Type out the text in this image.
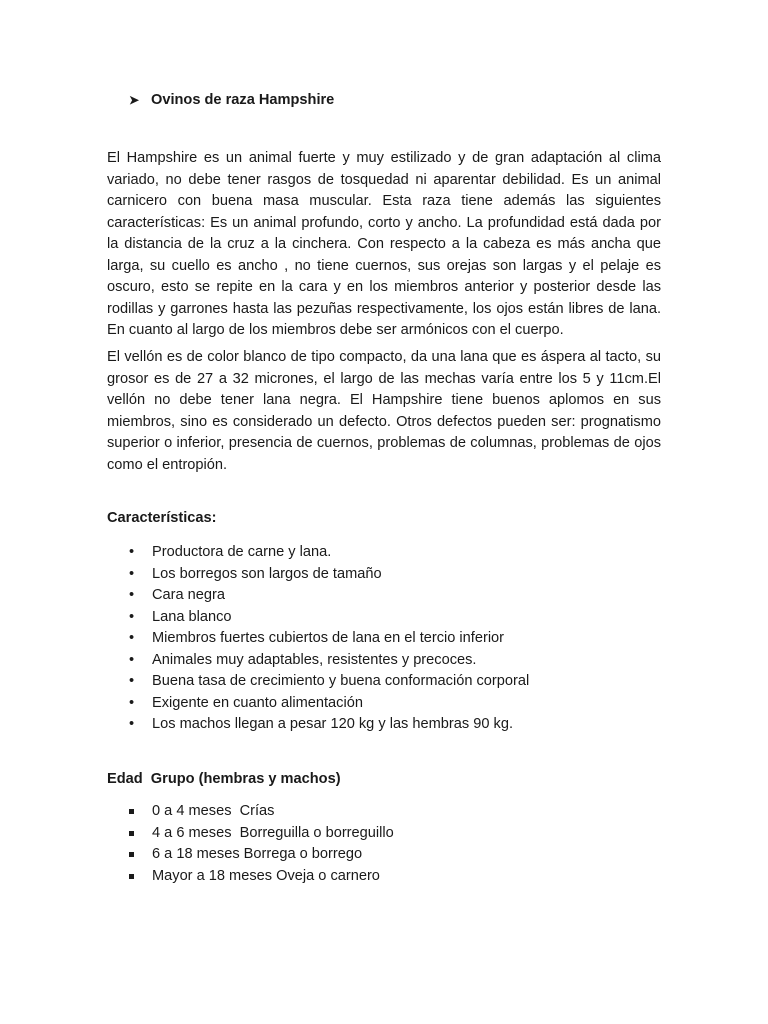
➤ Ovinos de raza Hampshire

El Hampshire es un animal fuerte y muy estilizado y de gran adaptación al clima variado, no debe tener rasgos de tosquedad ni aparentar debilidad. Es un animal carnicero con buena masa muscular. Esta raza tiene además las siguientes características: Es un animal profundo, corto y ancho. La profundidad está dada por la distancia de la cruz a la cinchera. Con respecto a la cabeza es más ancha que larga, su cuello es ancho , no tiene cuernos, sus orejas son largas y el pelaje es oscuro, esto se repite en la cara y en los miembros anterior y posterior desde las rodillas y garrones hasta las pezuñas respectivamente, los ojos están libres de lana. En cuanto al largo de los miembros debe ser armónicos con el cuerpo.

El vellón es de color blanco de tipo compacto, da una lana que es áspera al tacto, su grosor es de 27 a 32 micrones, el largo de las mechas varía entre los 5 y 11cm.El vellón no debe tener lana negra. El Hampshire tiene buenos aplomos en sus miembros, sino es considerado un defecto. Otros defectos pueden ser: prognatismo superior o inferior, presencia de cuernos, problemas de columnas, problemas de ojos como el entropión.

Características:

• Productora de carne y lana.
• Los borregos son largos de tamaño
• Cara negra
• Lana blanco
• Miembros fuertes cubiertos de lana en el tercio inferior
• Animales muy adaptables, resistentes y precoces.
• Buena tasa de crecimiento y buena conformación corporal
• Exigente en cuanto alimentación
• Los machos llegan a pesar 120 kg y las hembras 90 kg.

Edad  Grupo (hembras y machos)

0 a 4 meses  Crías
4 a 6 meses  Borreguilla o borreguillo
6 a 18 meses Borrega o borrego
Mayor a 18 meses Oveja o carnero
